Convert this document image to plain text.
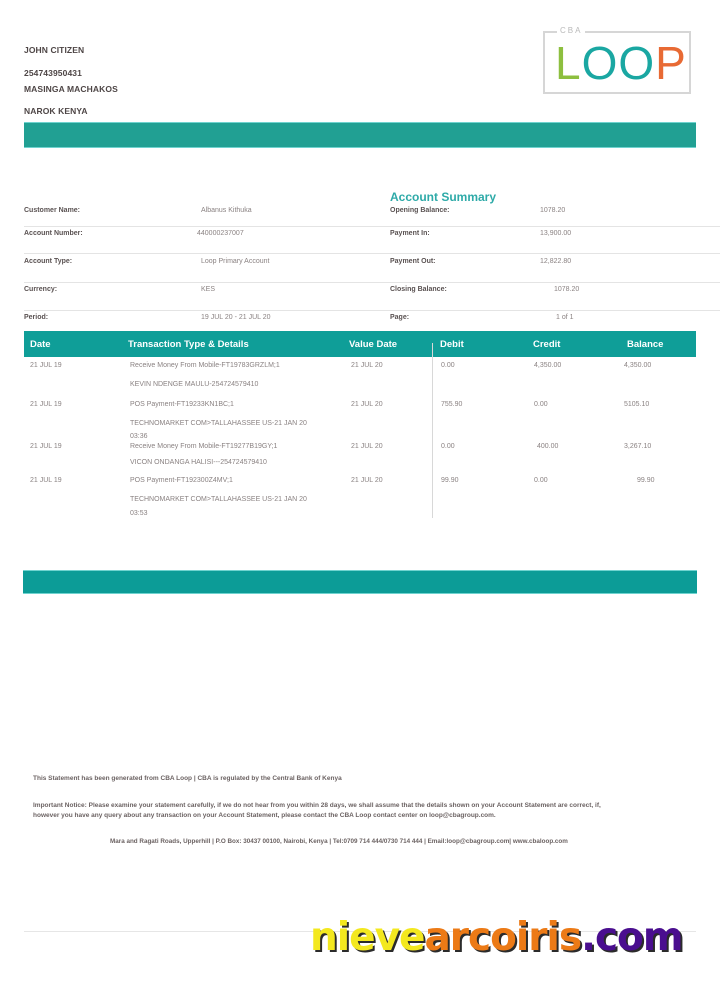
JOHN CITIZEN
254743950431
MASINGA MACHAKOS
NAROK KENYA
CBA
LOOP
Account Summary
Customer Name:	Albanus Kithuka
Account Number:	440000237007
Account Type:	Loop Primary Account
Currency:	KES
Period:	19 JUL 20 - 21 JUL 20
Opening Balance:	1078.20
Payment In:	13,900.00
Payment Out:	12,822.80
Closing Balance:	1078.20
Page:	1 of 1
Date	Transaction Type & Details	Value Date	Debit	Credit	Balance
21 JUL 19	Receive Money From Mobile-FT19783GRZLM;1
KEVIN NDENGE MAULU-254724579410
21 JUL 20	0.00	4,350.00	4,350.00
21 JUL 19	POS Payment-FT19233KN1BC;1
TECHNOMARKET COM>TALLAHASSEE US-21 JAN 20
03:36
21 JUL 20	755.90	0.00	5105.10
21 JUL 19	Receive Money From Mobile-FT19277B19GY;1
VICON ONDANGA HALISI---254724579410
21 JUL 20	0.00	400.00	3,267.10
21 JUL 19	POS Payment-FT192300Z4MV;1
TECHNOMARKET COM>TALLAHASSEE US-21 JAN 20
03:53
21 JUL 20	99.90	0.00	99.90
This Statement has been generated from CBA Loop | CBA is regulated by the Central Bank of Kenya
Important Notice: Please examine your statement carefully, if we do not hear from you within 28 days, we shall assume that the details shown on your Account Statement are correct, if,
however you have any query about any transaction on your Account Statement, please contact the CBA Loop contact center on loop@cbagroup.com.
Mara and Ragati Roads, Upperhill | P.O Box: 30437 00100, Nairobi, Kenya | Tel:0709 714 444/0730 714 444 | Email:loop@cbagroup.com| www.cbaloop.com
nievearcoiris.com
